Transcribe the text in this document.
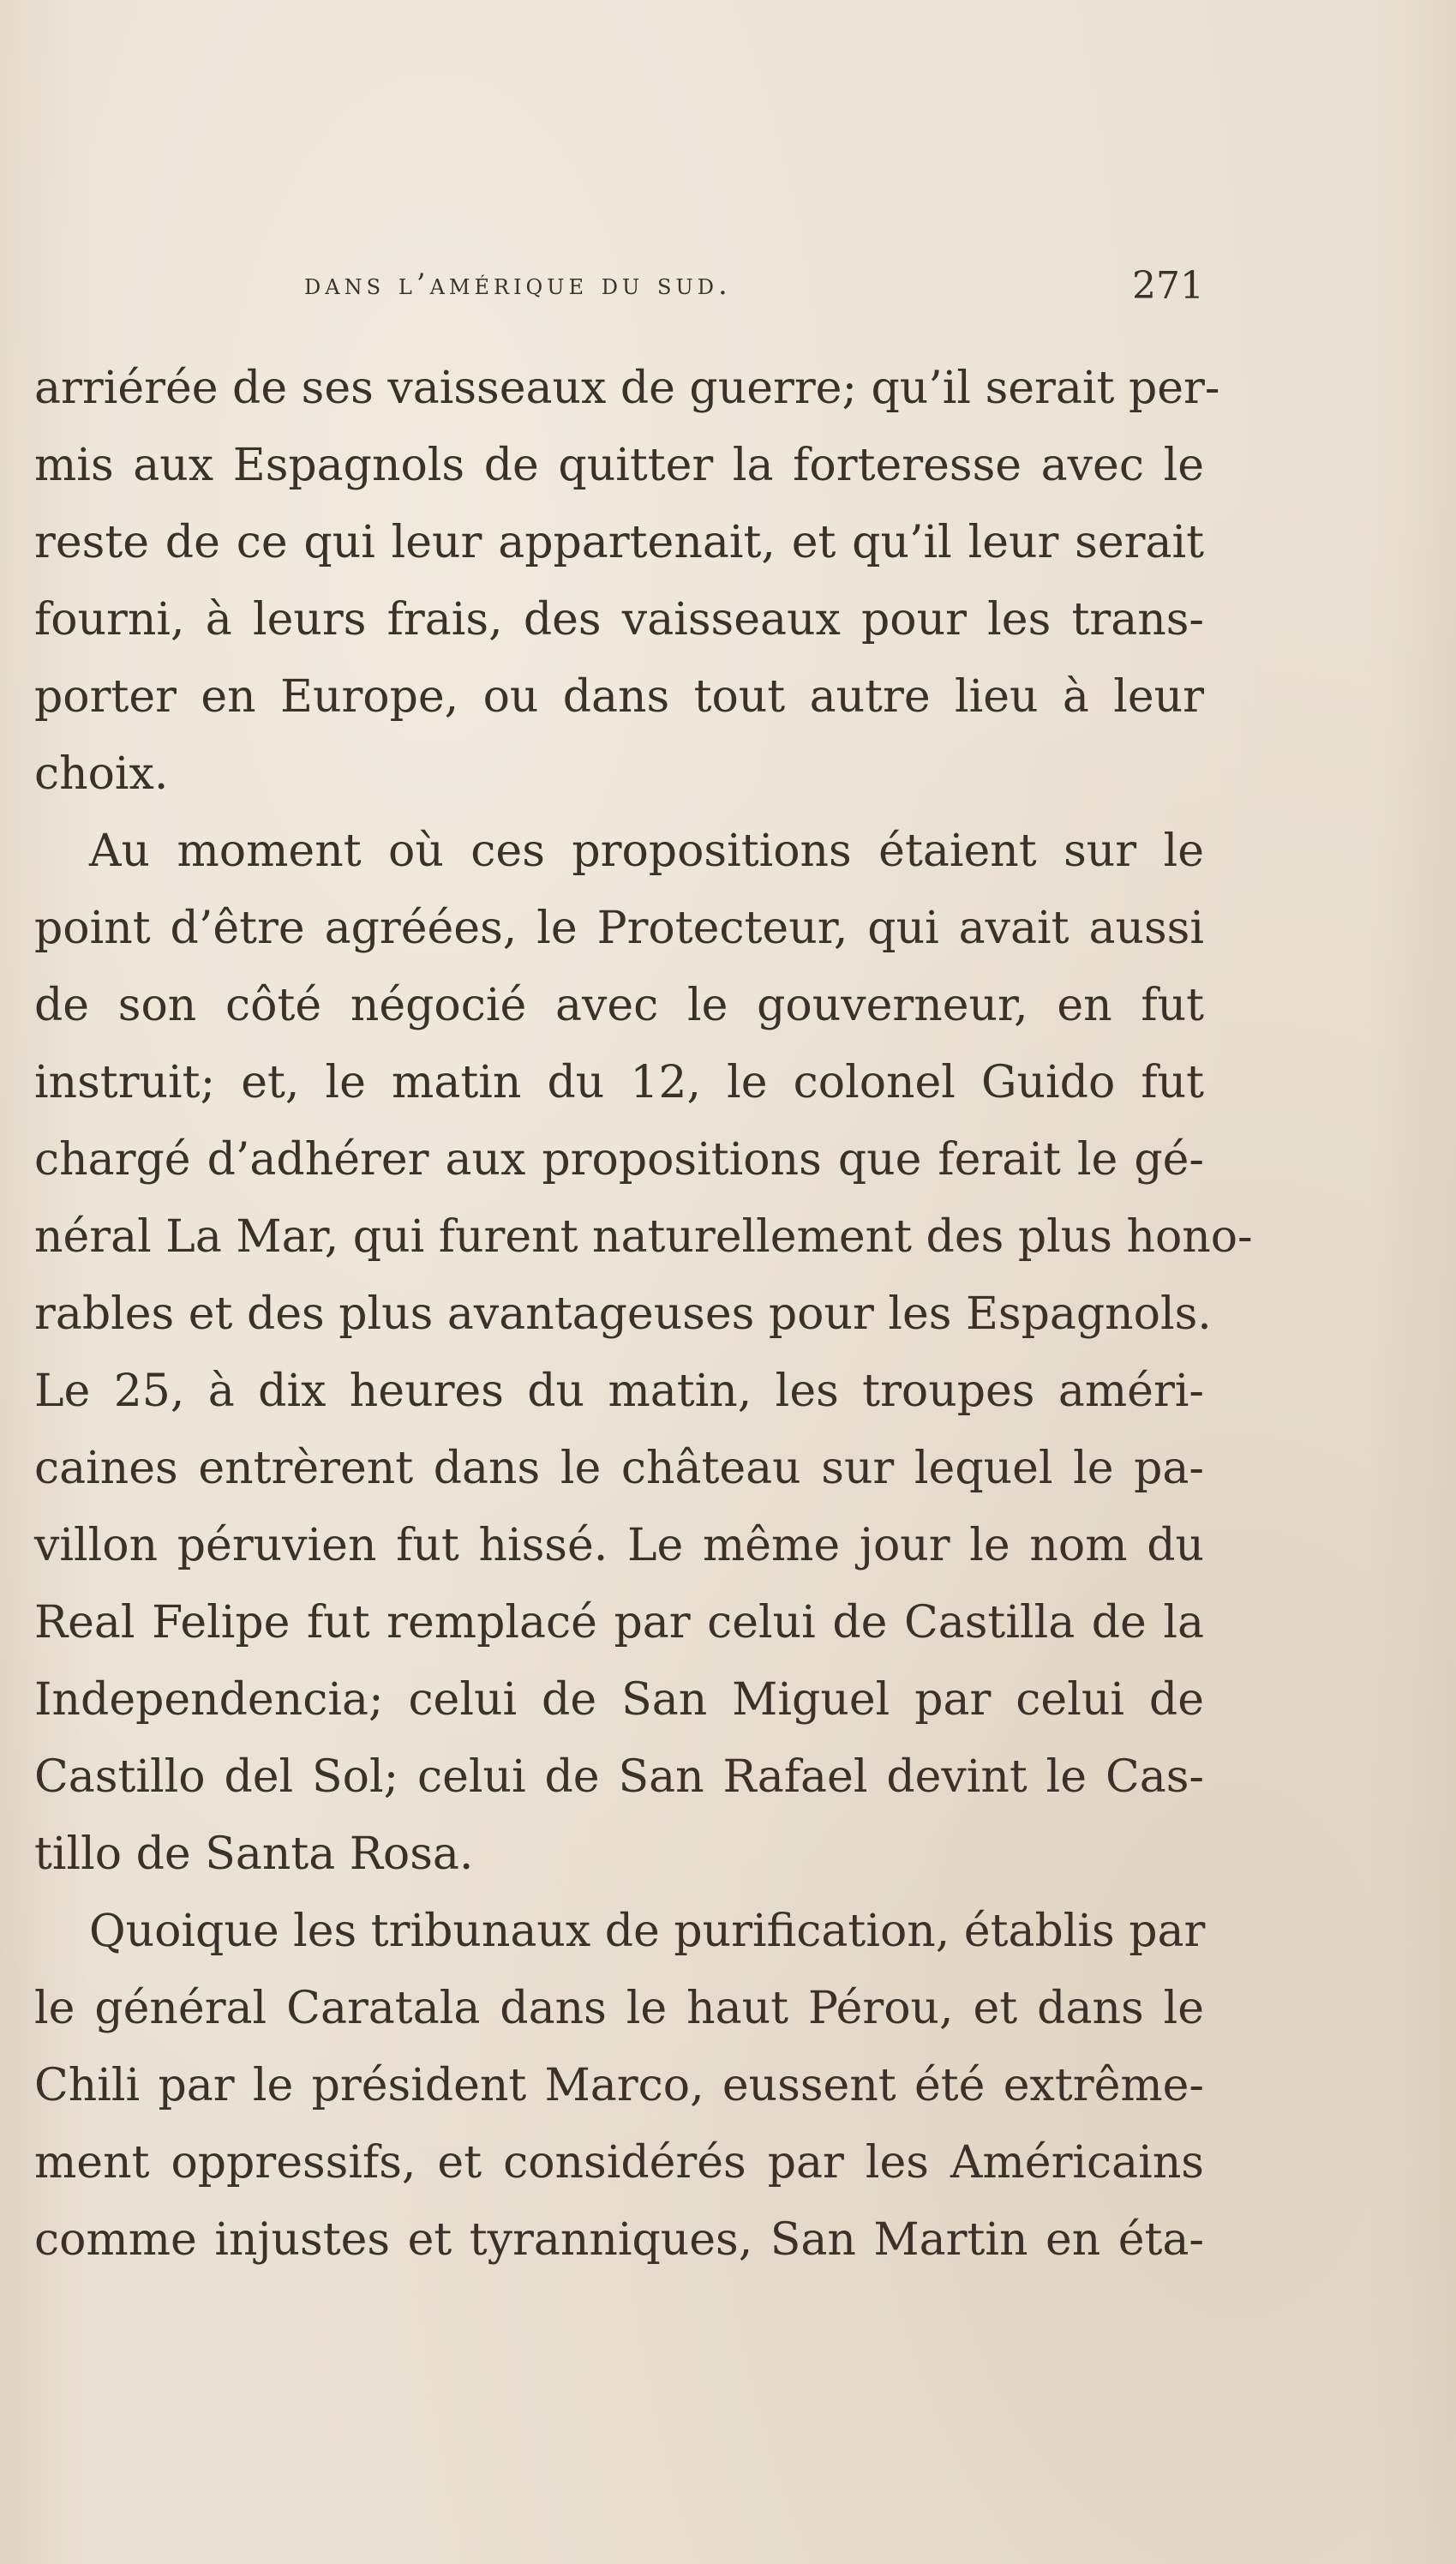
dans l’amérique du sud.	271
arriérée de ses vaisseaux de guerre; qu’il serait per-
mis aux Espagnols de quitter la forteresse avec le
reste de ce qui leur appartenait, et qu’il leur serait
fourni, à leurs frais, des vaisseaux pour les trans-
porter en Europe, ou dans tout autre lieu à leur
choix.
Au moment où ces propositions étaient sur le
point d’être agréées, le Protecteur, qui avait aussi
de son côté négocié avec le gouverneur, en fut
instruit; et, le matin du 12, le colonel Guido fut
chargé d’adhérer aux propositions que ferait le gé-
néral La Mar, qui furent naturellement des plus hono-
rables et des plus avantageuses pour les Espagnols.
Le 25, à dix heures du matin, les troupes améri-
caines entrèrent dans le château sur lequel le pa-
villon péruvien fut hissé. Le même jour le nom du
Real Felipe fut remplacé par celui de Castilla de la
Independencia; celui de San Miguel par celui de
Castillo del Sol; celui de San Rafael devint le Cas-
tillo de Santa Rosa.
Quoique les tribunaux de purification, établis par
le général Caratala dans le haut Pérou, et dans le
Chili par le président Marco, eussent été extrême-
ment oppressifs, et considérés par les Américains
comme injustes et tyranniques, San Martin en éta-
